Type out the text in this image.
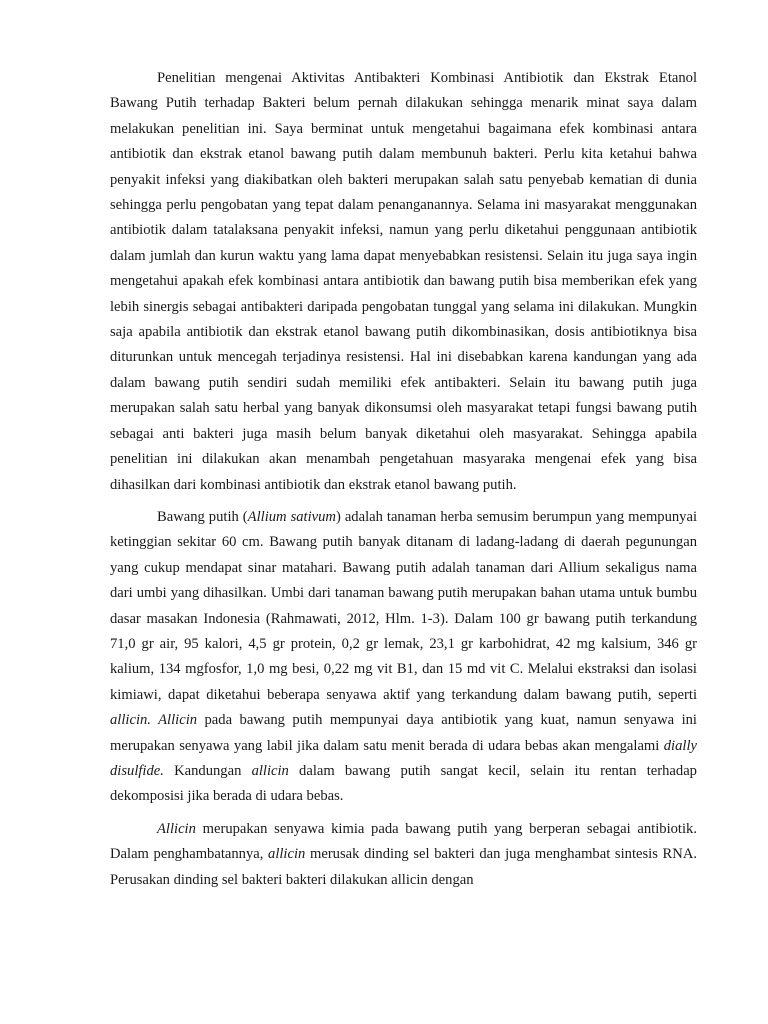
Penelitian mengenai Aktivitas Antibakteri Kombinasi Antibiotik dan Ekstrak Etanol Bawang Putih terhadap Bakteri belum pernah dilakukan sehingga menarik minat saya dalam melakukan penelitian ini. Saya berminat untuk mengetahui bagaimana efek kombinasi antara antibiotik dan ekstrak etanol bawang putih dalam membunuh bakteri. Perlu kita ketahui bahwa penyakit infeksi yang diakibatkan oleh bakteri merupakan salah satu penyebab kematian di dunia sehingga perlu pengobatan yang tepat dalam penanganannya. Selama ini masyarakat menggunakan antibiotik dalam tatalaksana penyakit infeksi, namun yang perlu diketahui penggunaan antibiotik dalam jumlah dan kurun waktu yang lama dapat menyebabkan resistensi. Selain itu juga saya ingin mengetahui apakah efek kombinasi antara antibiotik dan bawang putih bisa memberikan efek yang lebih sinergis sebagai antibakteri daripada pengobatan tunggal yang selama ini dilakukan. Mungkin saja apabila antibiotik dan ekstrak etanol bawang putih dikombinasikan, dosis antibiotiknya bisa diturunkan untuk mencegah terjadinya resistensi. Hal ini disebabkan karena kandungan yang ada dalam bawang putih sendiri sudah memiliki efek antibakteri. Selain itu bawang putih juga merupakan salah satu herbal yang banyak dikonsumsi oleh masyarakat tetapi fungsi bawang putih sebagai anti bakteri juga masih belum banyak diketahui oleh masyarakat. Sehingga apabila penelitian ini dilakukan akan menambah pengetahuan masyaraka mengenai efek yang bisa dihasilkan dari kombinasi antibiotik dan ekstrak etanol bawang putih.

Bawang putih (Allium sativum) adalah tanaman herba semusim berumpun yang mempunyai ketinggian sekitar 60 cm. Bawang putih banyak ditanam di ladang-ladang di daerah pegunungan yang cukup mendapat sinar matahari. Bawang putih adalah tanaman dari Allium sekaligus nama dari umbi yang dihasilkan. Umbi dari tanaman bawang putih merupakan bahan utama untuk bumbu dasar masakan Indonesia (Rahmawati, 2012, Hlm. 1-3). Dalam 100 gr bawang putih terkandung 71,0 gr air, 95 kalori, 4,5 gr protein, 0,2 gr lemak, 23,1 gr karbohidrat, 42 mg kalsium, 346 gr kalium, 134 mgfosfor, 1,0 mg besi, 0,22 mg vit B1, dan 15 md vit C. Melalui ekstraksi dan isolasi kimiawi, dapat diketahui beberapa senyawa aktif yang terkandung dalam bawang putih, seperti allicin. Allicin pada bawang putih mempunyai daya antibiotik yang kuat, namun senyawa ini merupakan senyawa yang labil jika dalam satu menit berada di udara bebas akan mengalami dially disulfide. Kandungan allicin dalam bawang putih sangat kecil, selain itu rentan terhadap dekomposisi jika berada di udara bebas.

Allicin merupakan senyawa kimia pada bawang putih yang berperan sebagai antibiotik. Dalam penghambatannya, allicin merusak dinding sel bakteri dan juga menghambat sintesis RNA. Perusakan dinding sel bakteri bakteri dilakukan allicin dengan
